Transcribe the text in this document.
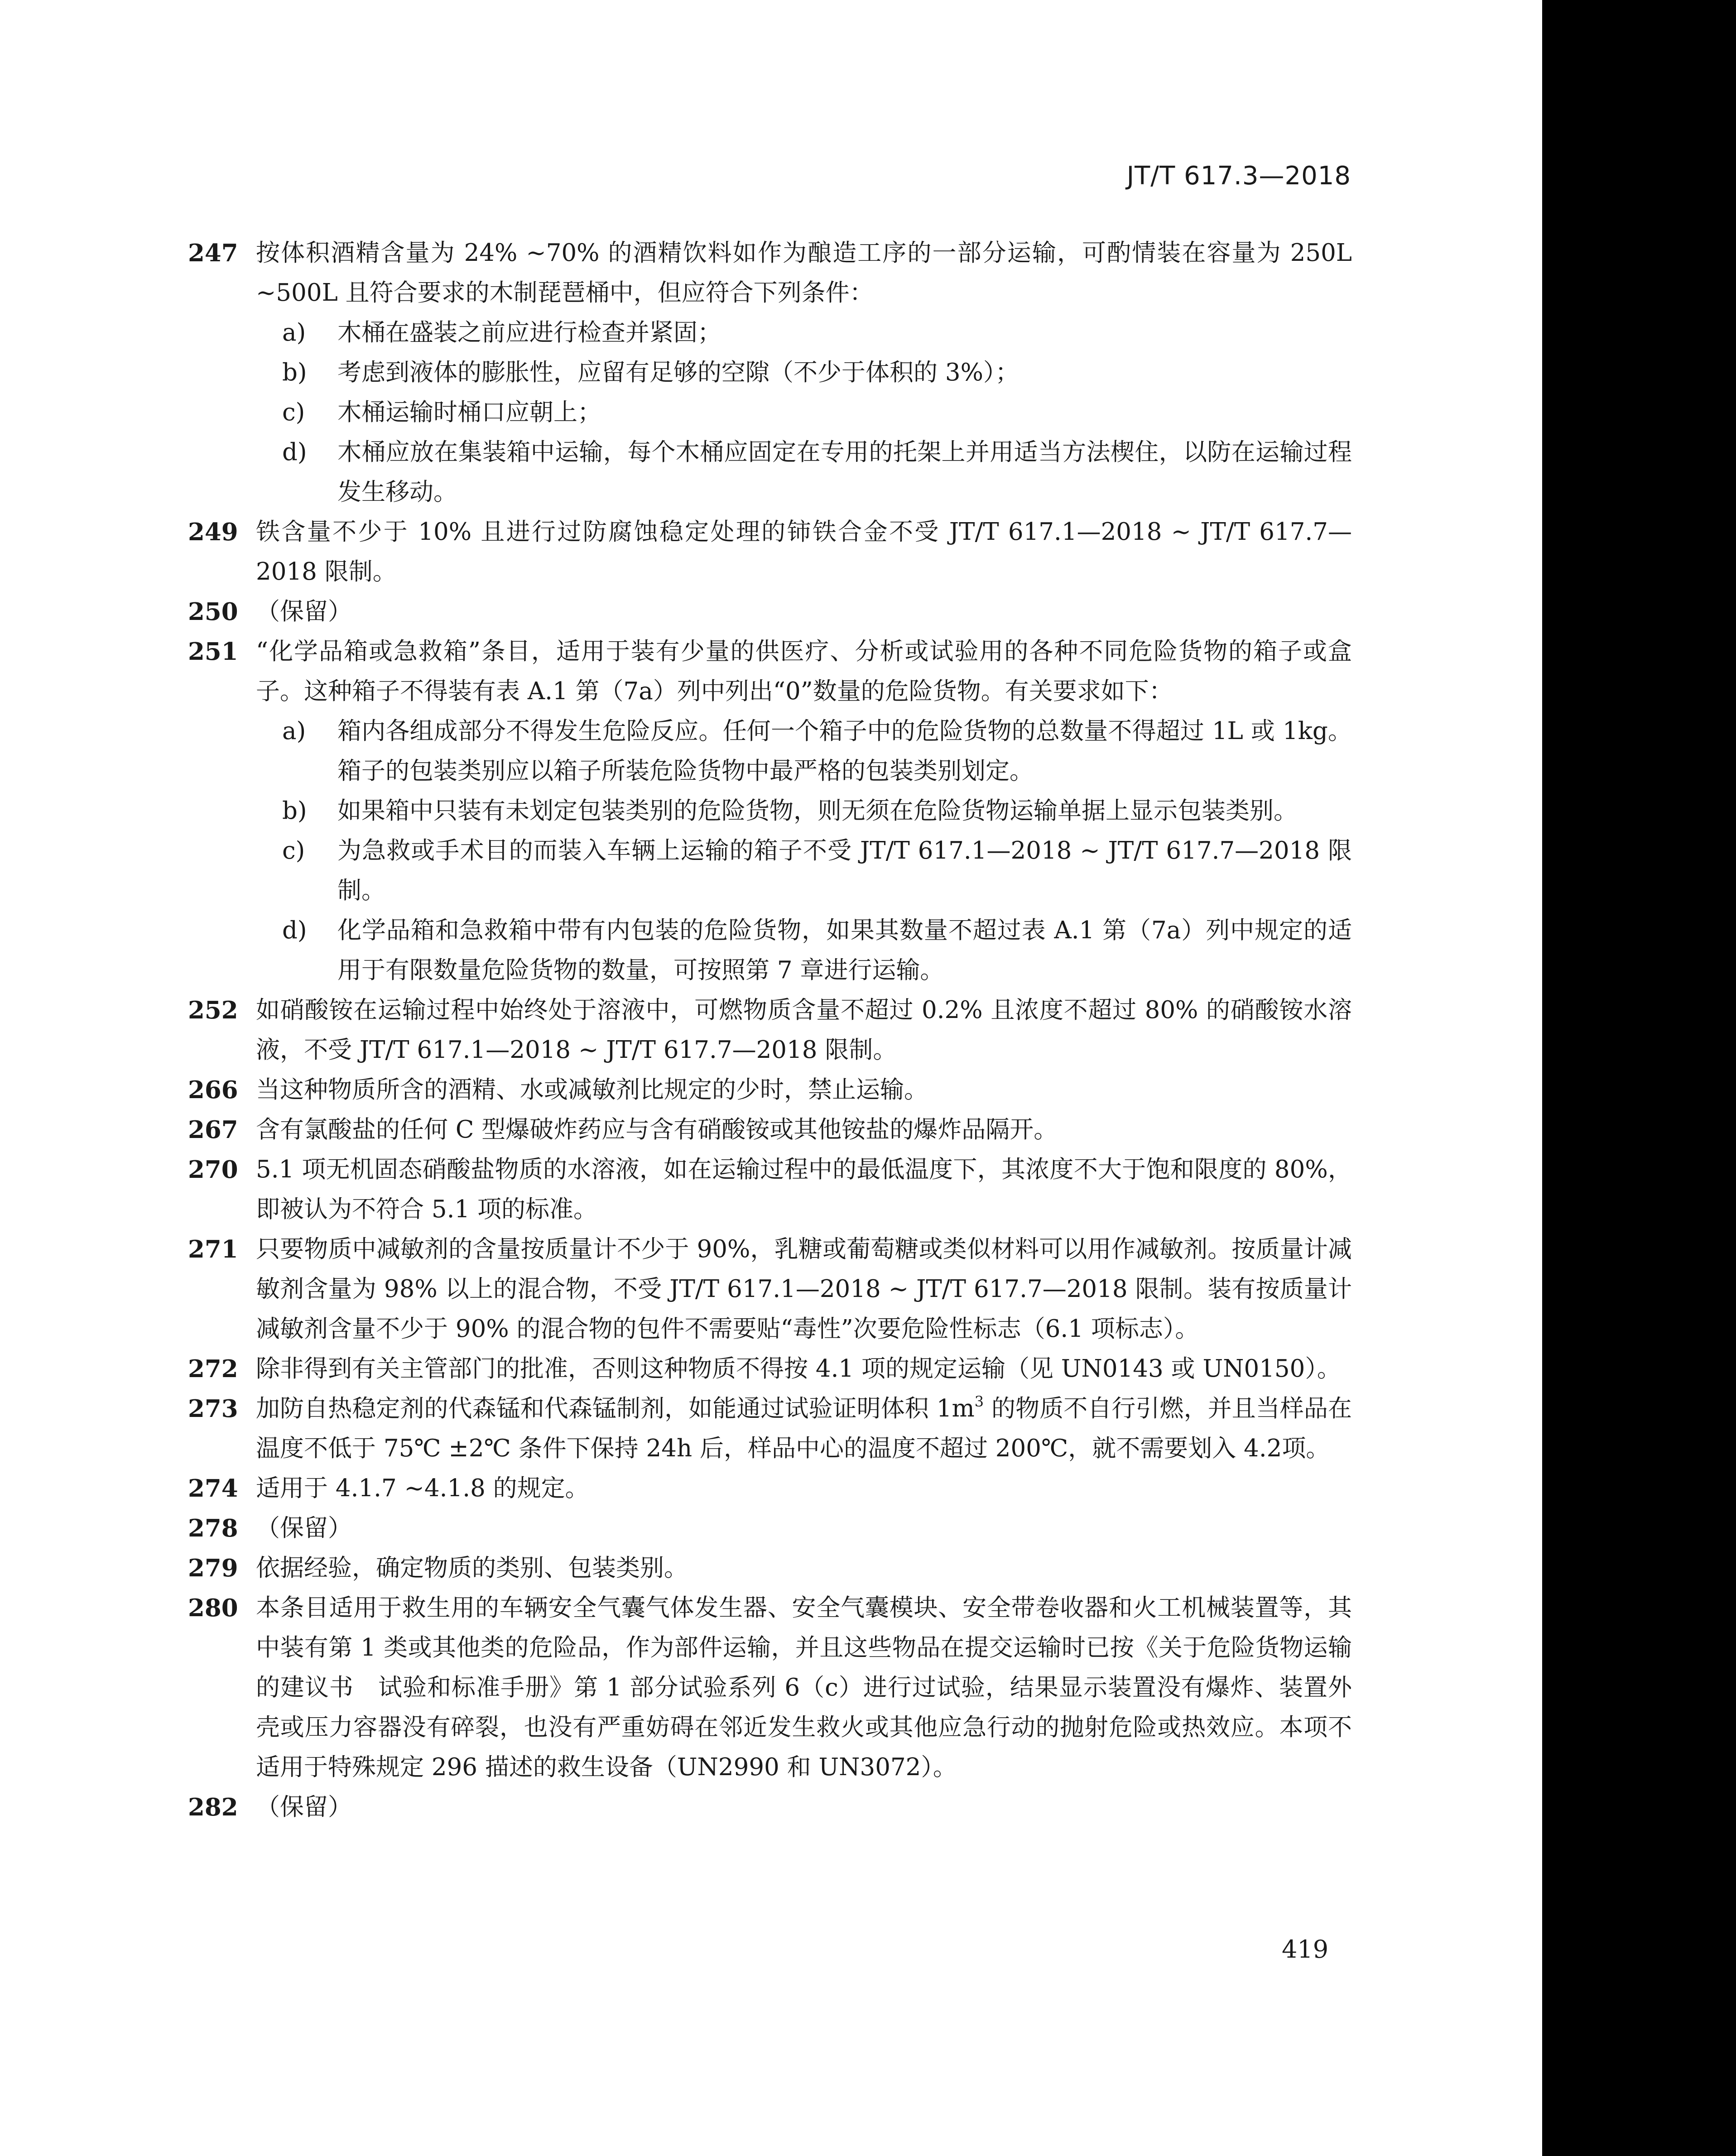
JT/T 617.3—2018
247 按体积酒精含量为 24% ~70% 的酒精饮料如作为酿造工序的一部分运输，可酌情装在容量为 250L ~500L 且符合要求的木制琵琶桶中，但应符合下列条件：
a) 木桶在盛装之前应进行检查并紧固；
b) 考虑到液体的膨胀性，应留有足够的空隙（不少于体积的 3%）；
c) 木桶运输时桶口应朝上；
d) 木桶应放在集装箱中运输，每个木桶应固定在专用的托架上并用适当方法楔住，以防在运输过程发生移动。
249 铁含量不少于 10% 且进行过防腐蚀稳定处理的铈铁合金不受 JT/T 617.1—2018 ~ JT/T 617.7—2018 限制。
250 （保留）
251 “化学品箱或急救箱”条目，适用于装有少量的供医疗、分析或试验用的各种不同危险货物的箱子或盒子。这种箱子不得装有表 A.1 第（7a）列中列出“0”数量的危险货物。有关要求如下：
a) 箱内各组成部分不得发生危险反应。任何一个箱子中的危险货物的总数量不得超过 1L 或 1kg。箱子的包装类别应以箱子所装危险货物中最严格的包装类别划定。
b) 如果箱中只装有未划定包装类别的危险货物，则无须在危险货物运输单据上显示包装类别。
c) 为急救或手术目的而装入车辆上运输的箱子不受 JT/T 617.1—2018 ~ JT/T 617.7—2018 限制。
d) 化学品箱和急救箱中带有内包装的危险货物，如果其数量不超过表 A.1 第（7a）列中规定的适用于有限数量危险货物的数量，可按照第 7 章进行运输。
252 如硝酸铵在运输过程中始终处于溶液中，可燃物质含量不超过 0.2% 且浓度不超过 80% 的硝酸铵水溶液，不受 JT/T 617.1—2018 ~ JT/T 617.7—2018 限制。
266 当这种物质所含的酒精、水或减敏剂比规定的少时，禁止运输。
267 含有氯酸盐的任何 C 型爆破炸药应与含有硝酸铵或其他铵盐的爆炸品隔开。
270 5.1 项无机固态硝酸盐物质的水溶液，如在运输过程中的最低温度下，其浓度不大于饱和限度的 80%，即被认为不符合 5.1 项的标准。
271 只要物质中减敏剂的含量按质量计不少于 90%，乳糖或葡萄糖或类似材料可以用作减敏剂。按质量计减敏剂含量为 98% 以上的混合物，不受 JT/T 617.1—2018 ~ JT/T 617.7—2018 限制。装有按质量计减敏剂含量不少于 90% 的混合物的包件不需要贴“毒性”次要危险性标志（6.1 项标志）。
272 除非得到有关主管部门的批准，否则这种物质不得按 4.1 项的规定运输（见 UN0143 或 UN0150）。
273 加防自热稳定剂的代森锰和代森锰制剂，如能通过试验证明体积 $1m^3$ 的物质不自行引燃，并且当样品在温度不低于 75℃ ±2℃ 条件下保持 24h 后，样品中心的温度不超过 200℃，就不需要划入 4.2项。
274 适用于 4.1.7 ~4.1.8 的规定。
278 （保留）
279 依据经验，确定物质的类别、包装类别。
280 本条目适用于救生用的车辆安全气囊气体发生器、安全气囊模块、安全带卷收器和火工机械装置等，其中装有第 1 类或其他类的危险品，作为部件运输，并且这些物品在提交运输时已按《关于危险货物运输的建议书　试验和标准手册》第 1 部分试验系列 6（c）进行过试验，结果显示装置没有爆炸、装置外壳或压力容器没有碎裂，也没有严重妨碍在邻近发生救火或其他应急行动的抛射危险或热效应。本项不适用于特殊规定 296 描述的救生设备（UN2990 和 UN3072）。
282 （保留）
419
